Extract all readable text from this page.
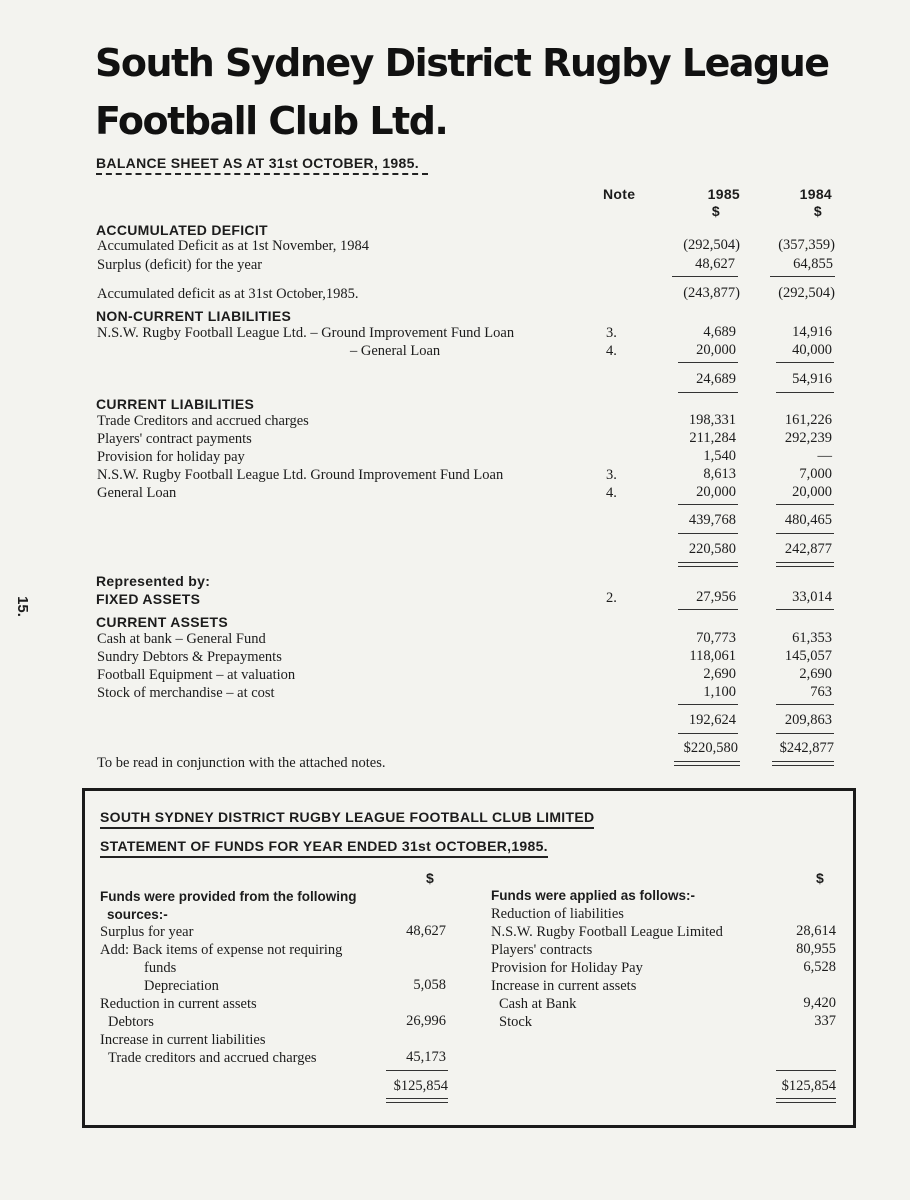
15.
South Sydney District Rugby League
Football Club Ltd.
BALANCE SHEET AS AT 31st OCTOBER, 1985.
Note	1985
$
1984
$
ACCUMULATED DEFICIT
Accumulated Deficit as at 1st November, 1984	(292,504)	(357,359)
Surplus (deficit) for the year	48,627	64,855
Accumulated deficit as at 31st October,1985.	(243,877)	(292,504)
NON-CURRENT LIABILITIES
N.S.W. Rugby Football League Ltd. – Ground Improvement Fund Loan	3.	4,689	14,916
– General Loan	4.	20,000	40,000
24,689	54,916
CURRENT LIABILITIES
Trade Creditors and accrued charges	198,331	161,226
Players' contract payments	211,284	292,239
Provision for holiday pay	1,540	—
N.S.W. Rugby Football League Ltd. Ground Improvement Fund Loan	3.	8,613	7,000
General Loan	4.	20,000	20,000
439,768	480,465
220,580	242,877
Represented by:
FIXED ASSETS	2.	27,956	33,014
CURRENT ASSETS
Cash at bank – General Fund	70,773	61,353
Sundry Debtors & Prepayments	118,061	145,057
Football Equipment – at valuation	2,690	2,690
Stock of merchandise – at cost	1,100	763
192,624	209,863
$220,580	$242,877
To be read in conjunction with the attached notes.
SOUTH SYDNEY DISTRICT RUGBY LEAGUE FOOTBALL CLUB LIMITED
STATEMENT OF FUNDS FOR YEAR ENDED 31st OCTOBER,1985.
$	$
Funds were provided from the following
sources:-
Surplus for year	48,627
Add: Back items of expense not requiring
funds
Depreciation	5,058
Reduction in current assets
Debtors	26,996
Increase in current liabilities
Trade creditors and accrued charges	45,173
$125,854
Funds were applied as follows:-
Reduction of liabilities
N.S.W. Rugby Football League Limited	28,614
Players' contracts	80,955
Provision for Holiday Pay	6,528
Increase in current assets
Cash at Bank	9,420
Stock	337
$125,854
